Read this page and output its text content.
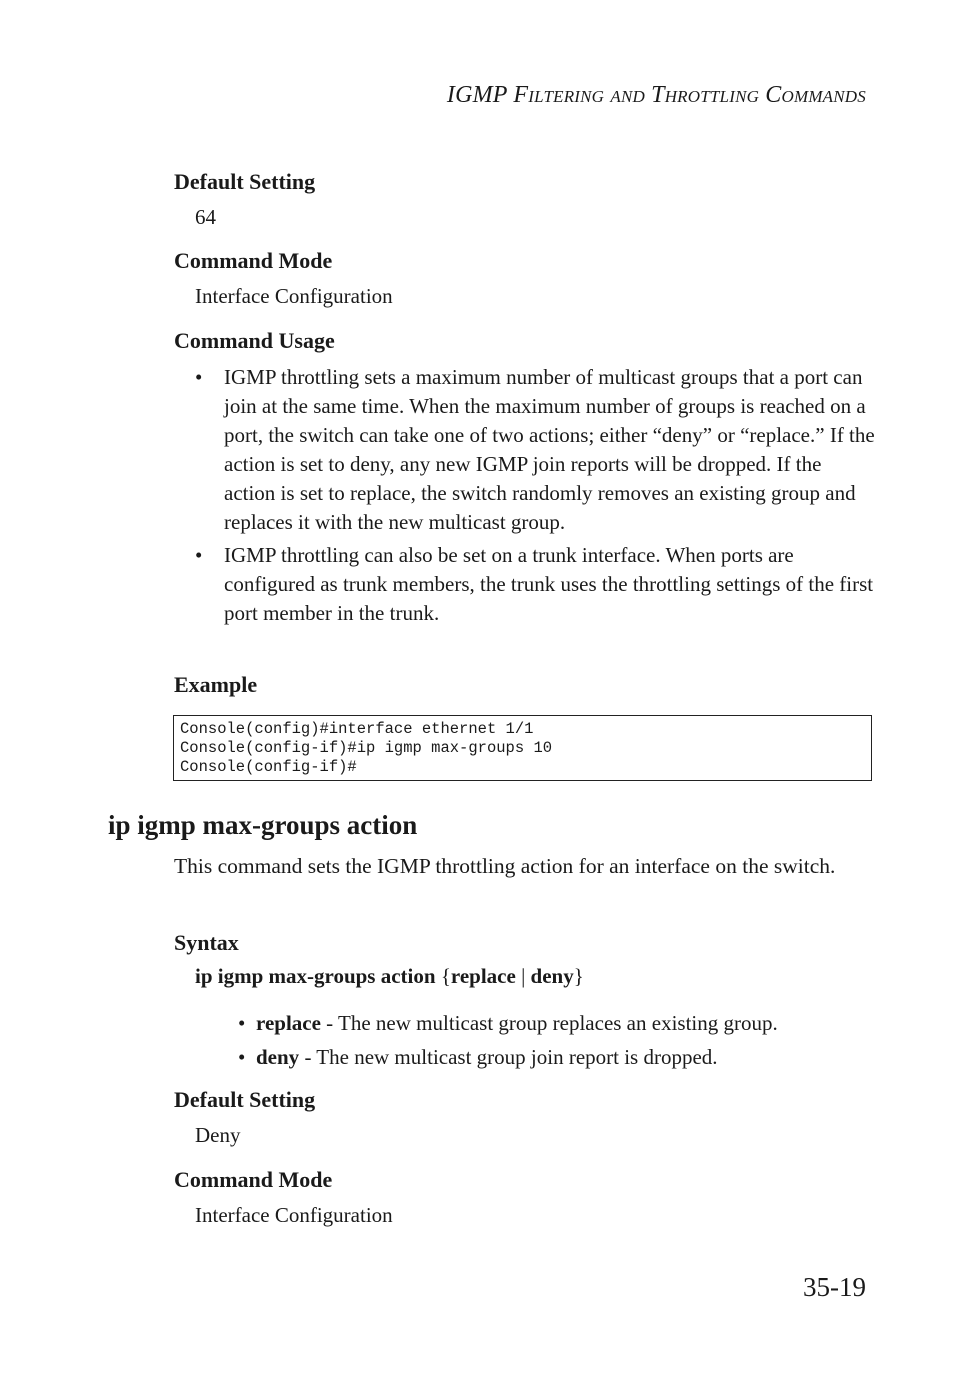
IGMP Filtering and Throttling Commands
Default Setting
64
Command Mode
Interface Configuration
Command Usage
• IGMP throttling sets a maximum number of multicast groups that a port can join at the same time. When the maximum number of groups is reached on a port, the switch can take one of two actions; either “deny” or “replace.” If the action is set to deny, any new IGMP join reports will be dropped. If the action is set to replace, the switch randomly removes an existing group and replaces it with the new multicast group.
• IGMP throttling can also be set on a trunk interface. When ports are configured as trunk members, the trunk uses the throttling settings of the first port member in the trunk.
Example
Console(config)#interface ethernet 1/1
Console(config-if)#ip igmp max-groups 10
Console(config-if)#
ip igmp max-groups action
This command sets the IGMP throttling action for an interface on the switch.
Syntax
ip igmp max-groups action {replace | deny}
• replace - The new multicast group replaces an existing group.
• deny - The new multicast group join report is dropped.
Default Setting
Deny
Command Mode
Interface Configuration
35-19
